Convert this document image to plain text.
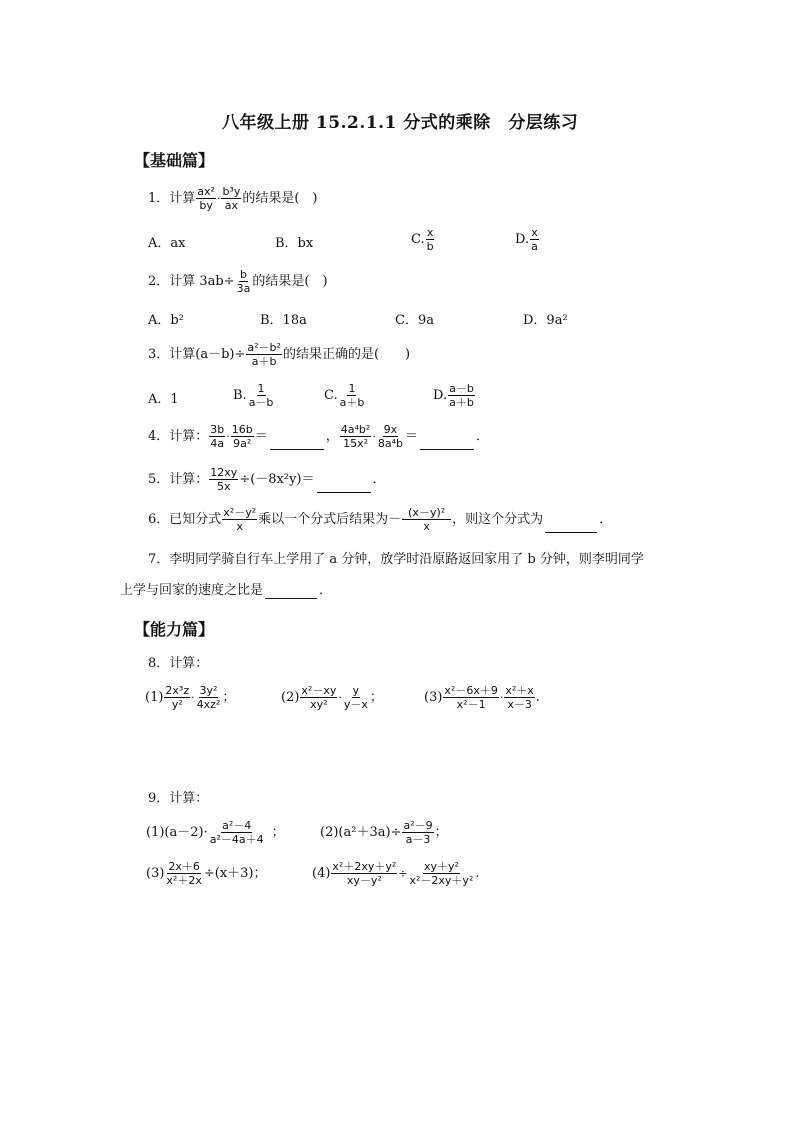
八年级上册 15.2.1.1 分式的乘除　分层练习
【基础篇】
1．计算 $\frac{\text{ax²}}{by} \cdot \frac{\text{b³y}}{ax}$ 的结果是(　)
A．ax	B．bx	C. $\frac{x}{b}$	D. $\frac{x}{a}$
2．计算 $3ab\div \frac{b}{3a}$ 的结果是(　)
A．b²	B．18a	C．9a	D．9a²
3．计算$(a-b)\div \frac{\text{a²－b²}}{a+b}$ 的结果正确的是(　　)
A．1	B. $\frac{1}{a-b}$	C. $\frac{1}{a+b}$	D. $\frac{a-b}{a+b}$
4．计算： $\frac{3b}{4a} \cdot \frac{16b}{\text{9a²}}$ ＝	， $\frac{\text{4a⁴b²}}{\text{15x²}} \cdot \frac{9x}{\text{8a⁴b}}$ ＝	．
5．计算： $\frac{12xy}{5x} \div(-8x^2y)=$	．
6．已知分式 $\frac{\text{x²－y²}}{x}$ 乘以一个分式后结果为－ $\frac{\text{(x－y)²}}{x}$ ，则这个分式为	．
7．李明同学骑自行车上学用了 a 分钟，放学时沿原路返回家用了 b 分钟，则李明同学
上学与回家的速度之比是	．
【能力篇】
8．计算：
$(1) \frac{\text{2x³z}}{\text{y²}} \cdot \frac{\text{3y²}}{\text{4xz²}}$ ；	$(2) \frac{\text{x²－xy}}{\text{xy²}} \cdot \frac{y}{y-x}$ ；	$(3) \frac{\text{x²－6x＋9}}{\text{x²－1}} \cdot \frac{\text{x²＋x}}{x-3}$ .
9．计算：
$(1)(a-2)\cdot \frac{\text{a²－4}}{\text{a²－4a＋4}}$ ；	$(2)(a^2+3a)\div \frac{\text{a²－9}}{a-3}$ ；
$(3) \frac{2x+6}{\text{x²＋2x}} \div(x+3)$；	$(4) \frac{\text{x²＋2xy＋y²}}{\text{xy－y²}} \div \frac{\text{xy＋y²}}{\text{x²－2xy＋y²}}$ .
